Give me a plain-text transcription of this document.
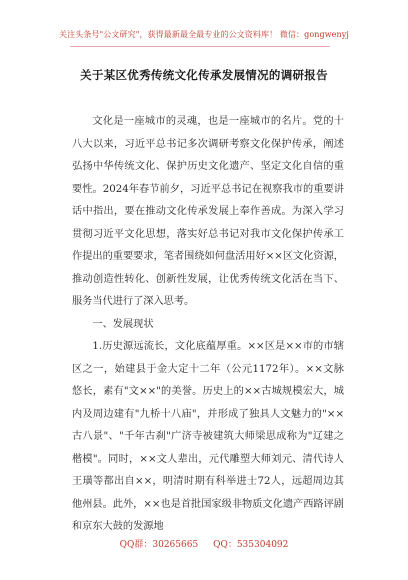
关注头条号"公文研究"，获得最新最全最专业的公文资料库！ 微信：gongwenyj
关于某区优秀传统文化传承发展情况的调研报告

文化是一座城市的灵魂，也是一座城市的名片。党的十八大以来，习近平总书记多次调研考察文化保护传承，阐述弘扬中华传统文化、保护历史文化遗产、坚定文化自信的重要性。2024年春节前夕，习近平总书记在视察我市的重要讲话中指出，要在推动文化传承发展上奉作善成。为深入学习贯彻习近平文化思想，落实好总书记对我市文化保护传承工作提出的重要要求，笔者围绕如何盘活用好××区文化资源，推动创造性转化、创新性发展，让优秀传统文化活在当下、服务当代进行了深入思考。

一、发展现状

1.历史源远流长，文化底蕴厚重。××区是××市的市辖区之一，始建县于金大定十二年（公元1172年）。××文脉悠长，素有"文××"的美誉。历史上的××古城规模宏大，城内及周边建有"九桥十八庙"，并形成了独具人文魅力的"××古八景"、"千年古刹"广济寺被建筑大师梁思成称为"辽建之楷模"。同时，××文人辈出，元代雕塑大师刘元、清代诗人王璜等都出自××，明清时期有科举进士72人，远超周边其他州县。此外，××也是首批国家级非物质文化遗产西路评剧和京东大鼓的发源地

QQ群：30265665 QQ：535304092
